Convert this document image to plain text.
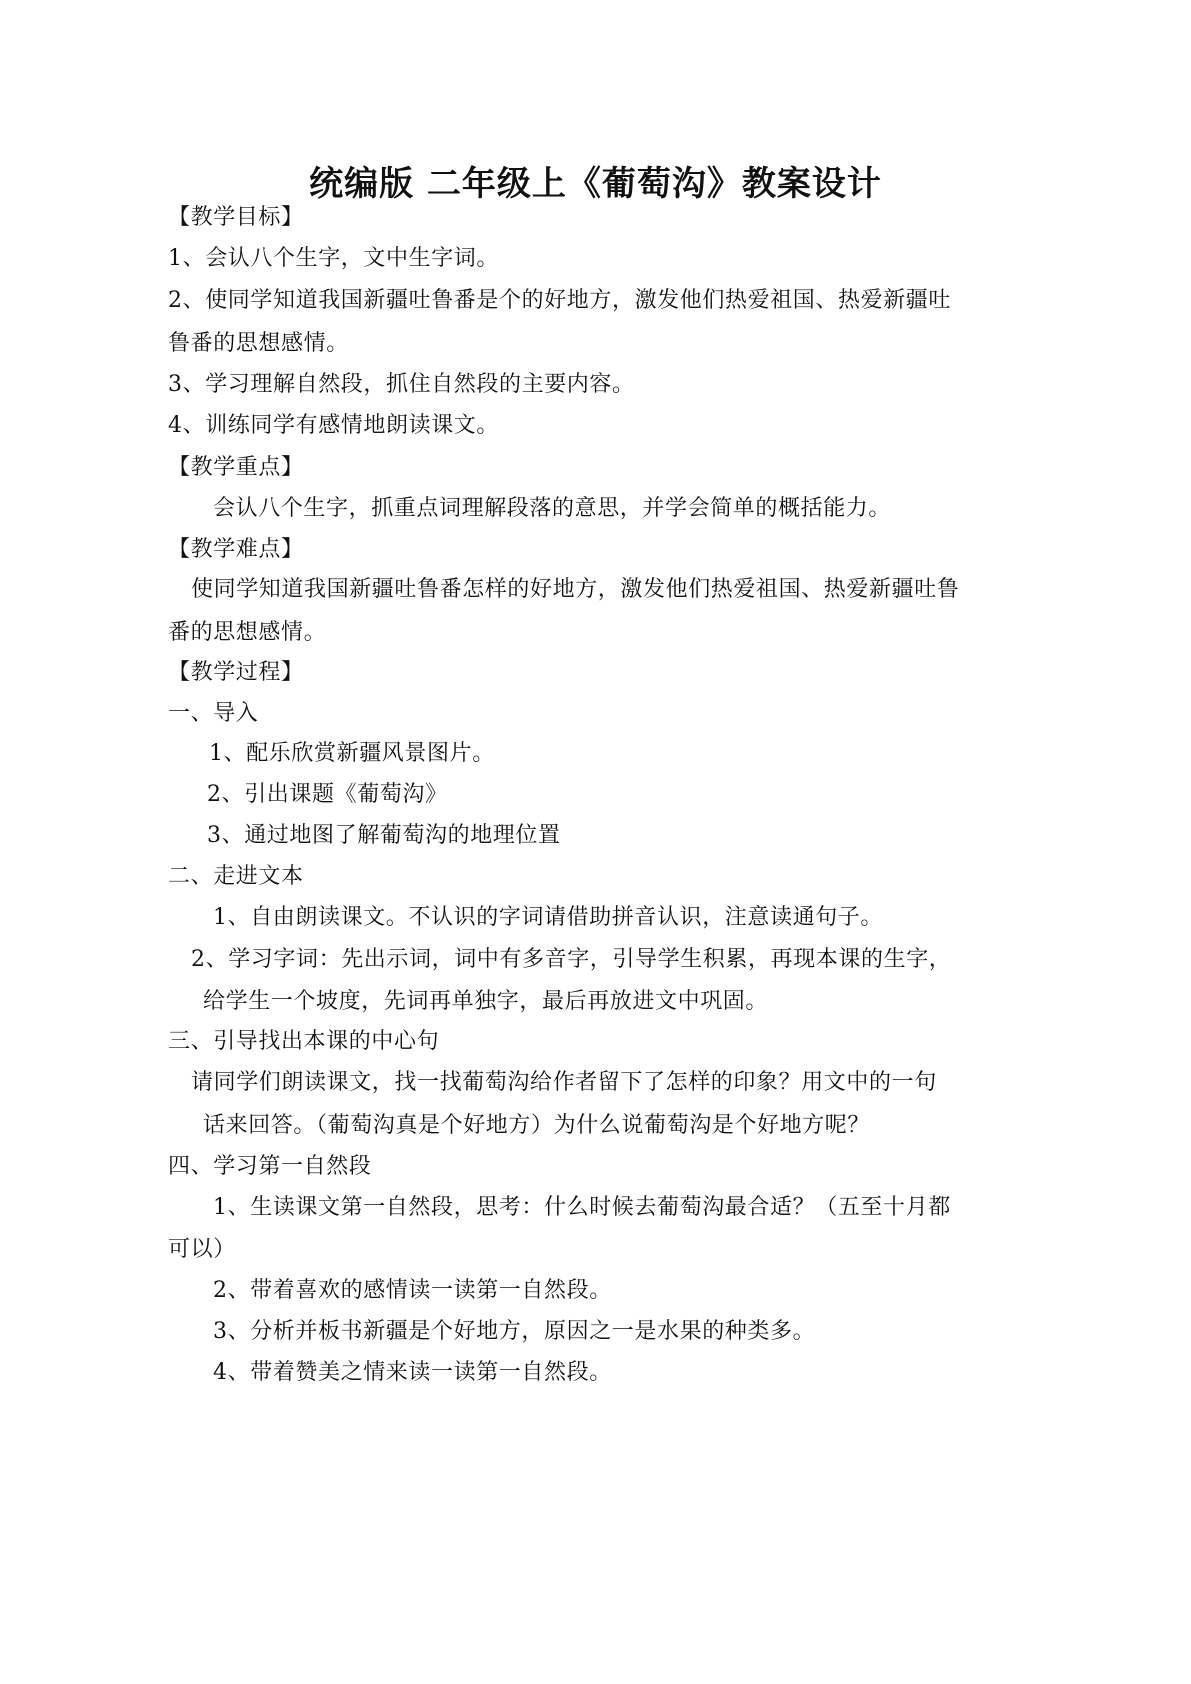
统编版 二年级上《葡萄沟》教案设计
【教学目标】
1、会认八个生字，文中生字词。
2、使同学知道我国新疆吐鲁番是个的好地方，激发他们热爱祖国、热爱新疆吐
鲁番的思想感情。
3、学习理解自然段，抓住自然段的主要内容。
4、训练同学有感情地朗读课文。
【教学重点】
会认八个生字，抓重点词理解段落的意思，并学会简单的概括能力。
【教学难点】
使同学知道我国新疆吐鲁番怎样的好地方，激发他们热爱祖国、热爱新疆吐鲁
番的思想感情。
【教学过程】
一、导入
1、配乐欣赏新疆风景图片。
2、引出课题《葡萄沟》
3、通过地图了解葡萄沟的地理位置
二、走进文本
1、自由朗读课文。不认识的字词请借助拼音认识，注意读通句子。
2、学习字词：先出示词，词中有多音字，引导学生积累，再现本课的生字，
给学生一个坡度，先词再单独字，最后再放进文中巩固。
三、引导找出本课的中心句
请同学们朗读课文，找一找葡萄沟给作者留下了怎样的印象？用文中的一句
话来回答。（葡萄沟真是个好地方）为什么说葡萄沟是个好地方呢？
四、学习第一自然段
1、生读课文第一自然段，思考：什么时候去葡萄沟最合适？（五至十月都
可以）
2、带着喜欢的感情读一读第一自然段。
3、分析并板书新疆是个好地方，原因之一是水果的种类多。
4、带着赞美之情来读一读第一自然段。
